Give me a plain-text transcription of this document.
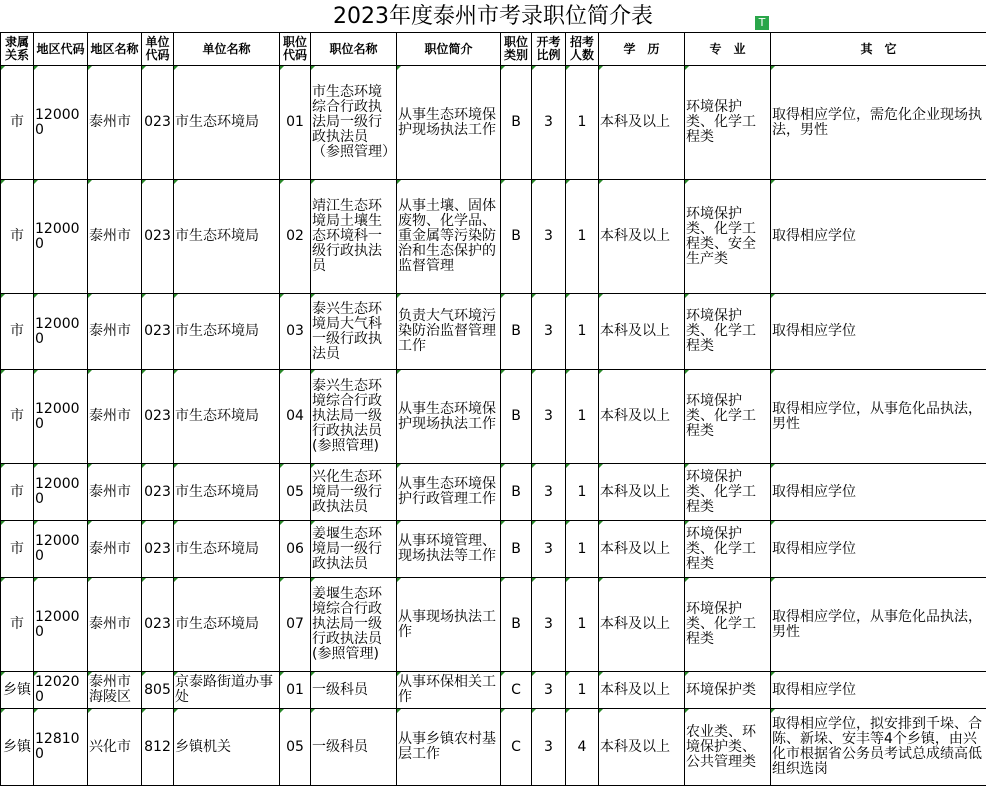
2023年度泰州市考录职位简介表	T
隶属关系	地区代码	地区名称	单位代码	单位名称	职位代码	职位名称	职位简介	职位类别	开考比例	招考人数	学　历	专　业	其　它
市	120000	泰州市	023	市生态环境局	01	市生态环境综合行政执法局一级行政执法员（参照管理）	从事生态环境保护现场执法工作	B	3	1	本科及以上	环境保护类、化学工程类	取得相应学位，需危化企业现场执法，男性
市	120000	泰州市	023	市生态环境局	02	靖江生态环境局土壤生态环境科一级行政执法员	从事土壤、固体废物、化学品、重金属等污染防治和生态保护的监督管理	B	3	1	本科及以上	环境保护类、化学工程类、安全生产类	取得相应学位
市	120000	泰州市	023	市生态环境局	03	泰兴生态环境局大气科一级行政执法员	负责大气环境污染防治监督管理工作	B	3	1	本科及以上	环境保护类、化学工程类	取得相应学位
市	120000	泰州市	023	市生态环境局	04	泰兴生态环境综合行政执法局一级行政执法员(参照管理)	从事生态环境保护现场执法工作	B	3	1	本科及以上	环境保护类、化学工程类	取得相应学位，从事危化品执法，男性
市	120000	泰州市	023	市生态环境局	05	兴化生态环境局一级行政执法员	从事生态环境保护行政管理工作	B	3	1	本科及以上	环境保护类、化学工程类	取得相应学位
市	120000	泰州市	023	市生态环境局	06	姜堰生态环境局一级行政执法员	从事环境管理、现场执法等工作	B	3	1	本科及以上	环境保护类、化学工程类	取得相应学位
市	120000	泰州市	023	市生态环境局	07	姜堰生态环境综合行政执法局一级行政执法员(参照管理)	从事现场执法工作	B	3	1	本科及以上	环境保护类、化学工程类	取得相应学位，从事危化品执法，男性
乡镇	120200	泰州市海陵区	805	京泰路街道办事处	01	一级科员	从事环保相关工作	C	3	1	本科及以上	环境保护类	取得相应学位
乡镇	128100	兴化市	812	乡镇机关	05	一级科员	从事乡镇农村基层工作	C	3	4	本科及以上	农业类、环境保护类、公共管理类	取得相应学位，拟安排到千垛、合陈、新垛、安丰等4个乡镇，由兴化市根据省公务员考试总成绩高低组织选岗
